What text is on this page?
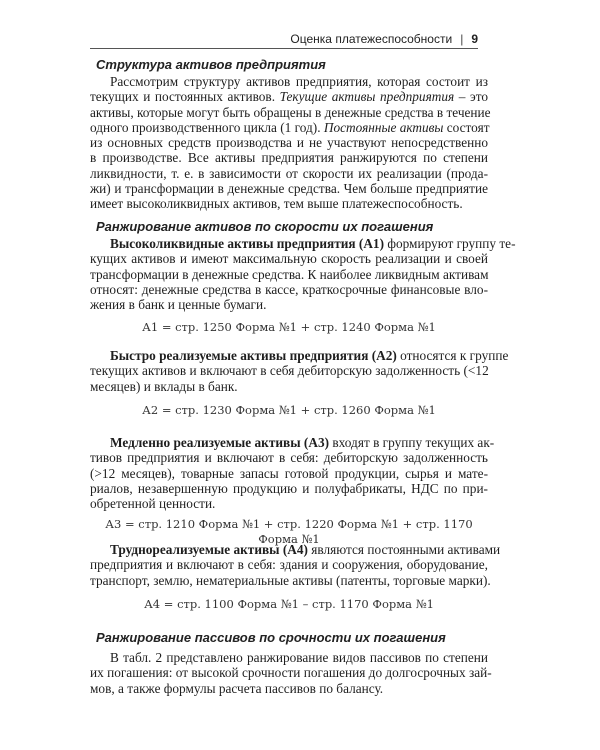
Оценка платежеспособности | 9
Структура активов предприятия
Рассмотрим структуру активов предприятия, которая состоит из
текущих и постоянных активов. Текущие активы предприятия – это
активы, которые могут быть обращены в денежные средства в течение
одного производственного цикла (1 год). Постоянные активы состоят
из основных средств производства и не участвуют непосредственно
в производстве. Все активы предприятия ранжируются по степени
ликвидности, т. е. в зависимости от скорости их реализации (прода-
жи) и трансформации в денежные средства. Чем больше предприятие
имеет высоколиквидных активов, тем выше платежеспособность.
Ранжирование активов по скорости их погашения
Высоколиквидные активы предприятия (А1) формируют группу те-
кущих активов и имеют максимальную скорость реализации и своей
трансформации в денежные средства. К наиболее ликвидным активам
относят: денежные средства в кассе, краткосрочные финансовые вло-
жения в банк и ценные бумаги.
А1 = стр. 1250 Форма №1 + стр. 1240 Форма №1
Быстро реализуемые активы предприятия (А2) относятся к группе
текущих активов и включают в себя дебиторскую задолженность (<12
месяцев) и вклады в банк.
А2 = стр. 1230 Форма №1 + стр. 1260 Форма №1
Медленно реализуемые активы (А3) входят в группу текущих ак-
тивов предприятия и включают в себя: дебиторскую задолженность
(>12 месяцев), товарные запасы готовой продукции, сырья и мате-
риалов, незавершенную продукцию и полуфабрикаты, НДС по при-
обретенной ценности.
А3 = стр. 1210 Форма №1 + стр. 1220 Форма №1 + стр. 1170 Форма №1
Труднореализуемые активы (А4) являются постоянными активами
предприятия и включают в себя: здания и сооружения, оборудование,
транспорт, землю, нематериальные активы (патенты, торговые марки).
А4 = стр. 1100 Форма №1 – стр. 1170 Форма №1
Ранжирование пассивов по срочности их погашения
В табл. 2 представлено ранжирование видов пассивов по степени
их погашения: от высокой срочности погашения до долгосрочных зай-
мов, а также формулы расчета пассивов по балансу.
